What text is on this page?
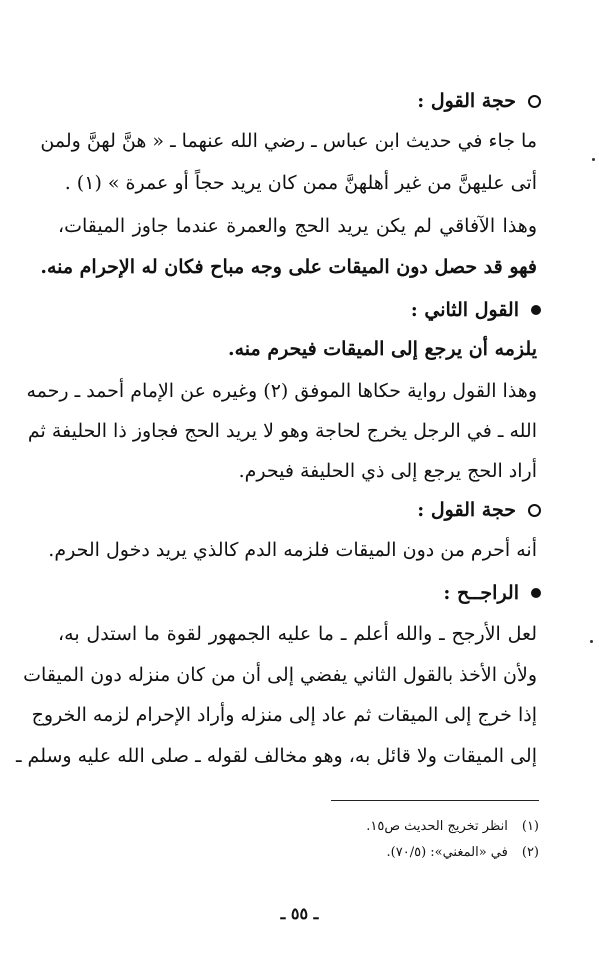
حجة القول :
ما جاء في حديث ابن عباس ـ رضي الله عنهما ـ « هنَّ لهنَّ ولمن
أتى عليهنَّ من غير أهلهنَّ ممن كان يريد حجاً أو عمرة » (١) .
وهذا الآفاقي لم يكن يريد الحج والعمرة عندما جاوز الميقات،
فهو قد حصل دون الميقات على وجه مباح فكان له الإحرام منه.
القول الثاني :
يلزمه أن يرجع إلى الميقات فيحرم منه.
وهذا القول رواية حكاها الموفق (٢) وغيره عن الإمام أحمد ـ رحمه
الله ـ في الرجل يخرج لحاجة وهو لا يريد الحج فجاوز ذا الحليفة ثم
أراد الحج يرجع إلى ذي الحليفة فيحرم.
حجة القول :
أنه أحرم من دون الميقات فلزمه الدم كالذي يريد دخول الحرم.
الراجــح :
لعل الأرجح ـ والله أعلم ـ ما عليه الجمهور لقوة ما استدل به،
ولأن الأخذ بالقول الثاني يفضي إلى أن من كان منزله دون الميقات
إذا خرج إلى الميقات ثم عاد إلى منزله وأراد الإحرام لزمه الخروج
إلى الميقات ولا قائل به، وهو مخالف لقوله ـ صلى الله عليه وسلم ـ
(١)
انظر تخريج الحديث ص١٥.
(٢)
في «المغني»: (٧٠/٥).
ـ ٥٥ ـ
